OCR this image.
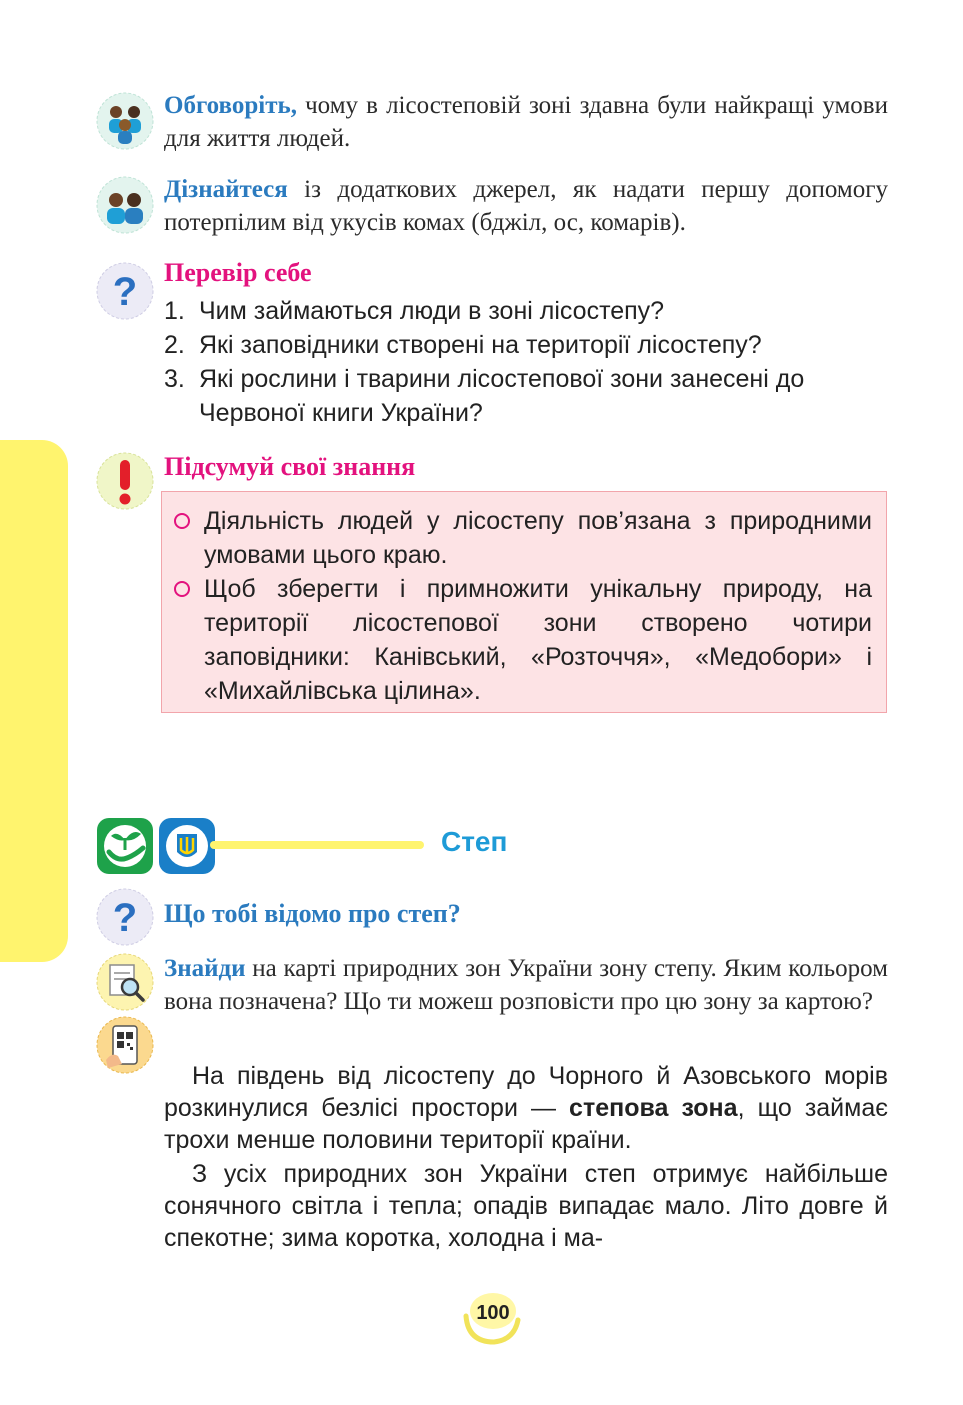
Обговоріть, чому в лісостеповій зоні здавна були найкращі умови для життя людей.
Дізнайтеся із додаткових джерел, як надати першу допомогу потерпілим від укусів комах (бджіл, ос, комарів).
? Перевір себе
1. Чим займаються люди в зоні лісостепу?
2. Які заповідники створені на території лісостепу?
3. Які рослини і тварини лісостепової зони занесені до Червоної книги України?
Підсумуй свої знання
Діяльність людей у лісостепу пов’язана з природними умовами цього краю.
Щоб зберегти і примножити унікальну природу, на території лісостепової зони створено чотири заповідники: Канівський, «Розточчя», «Медобори» і «Михайлівська цілина».
Степ
? Що тобі відомо про степ?
Знайди на карті природних зон України зону степу. Яким кольором вона позначена? Що ти можеш розповісти про цю зону за картою?

На південь від лісостепу до Чорного й Азовського морів розкинулися безлісі простори — степова зона, що займає трохи менше половини території країни.

З усіх природних зон України степ отримує найбільше сонячного світла і тепла; опадів випадає мало. Літо довге й спекотне; зима коротка, холодна і ма-

100
